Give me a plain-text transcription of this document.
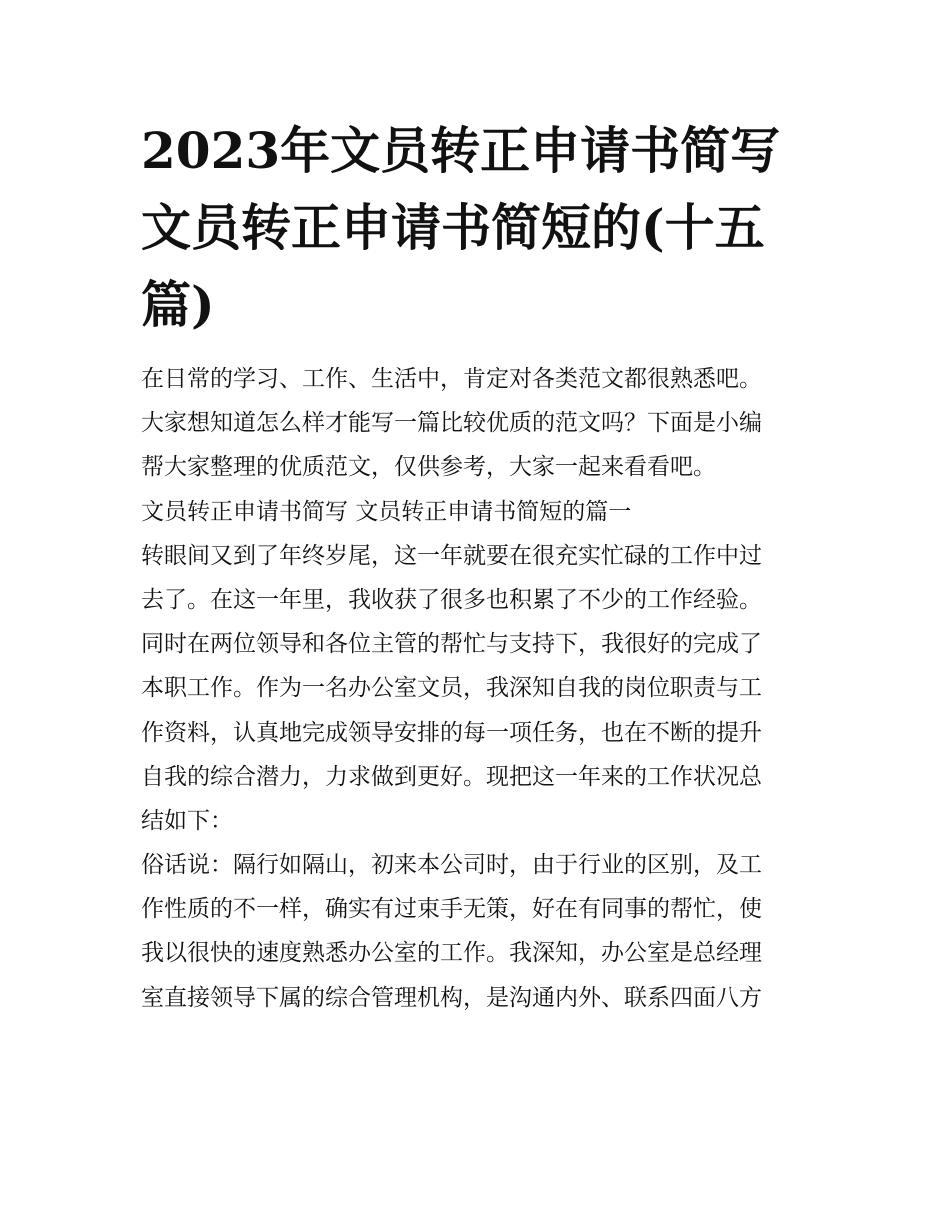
2023年文员转正申请书简写
文员转正申请书简短的(十五
篇)
在日常的学习、工作、生活中，肯定对各类范文都很熟悉吧。
大家想知道怎么样才能写一篇比较优质的范文吗？下面是小编
帮大家整理的优质范文，仅供参考，大家一起来看看吧。
文员转正申请书简写 文员转正申请书简短的篇一
转眼间又到了年终岁尾，这一年就要在很充实忙碌的工作中过
去了。在这一年里，我收获了很多也积累了不少的工作经验。
同时在两位领导和各位主管的帮忙与支持下，我很好的完成了
本职工作。作为一名办公室文员，我深知自我的岗位职责与工
作资料，认真地完成领导安排的每一项任务，也在不断的提升
自我的综合潜力，力求做到更好。现把这一年来的工作状况总
结如下：
俗话说：隔行如隔山，初来本公司时，由于行业的区别，及工
作性质的不一样，确实有过束手无策，好在有同事的帮忙，使
我以很快的速度熟悉办公室的工作。我深知，办公室是总经理
室直接领导下属的综合管理机构，是沟通内外、联系四面八方
